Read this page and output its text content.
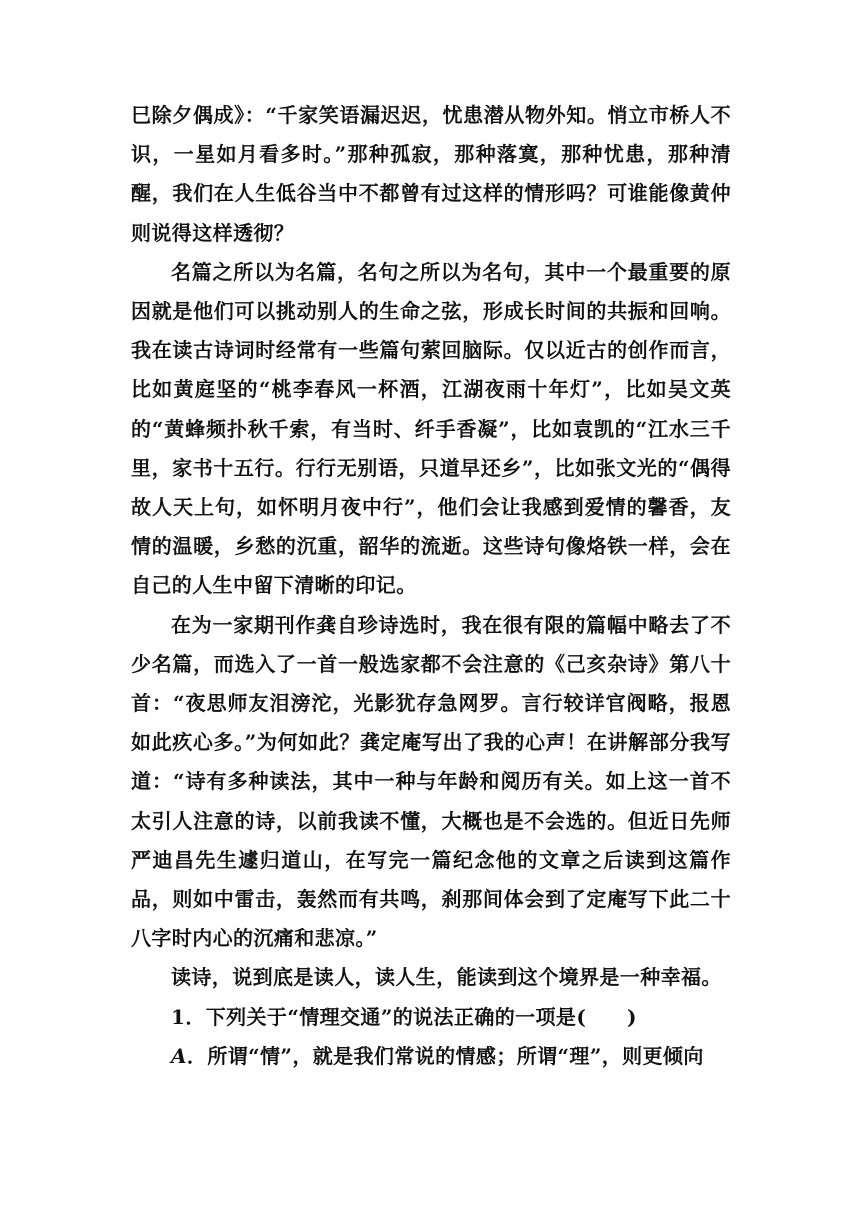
巳除夕偶成》：“千家笑语漏迟迟，忧患潜从物外知。悄立市桥人不识，一星如月看多时。”那种孤寂，那种落寞，那种忧患，那种清醒，我们在人生低谷当中不都曾有过这样的情形吗？可谁能像黄仲则说得这样透彻？

名篇之所以为名篇，名句之所以为名句，其中一个最重要的原因就是他们可以挑动别人的生命之弦，形成长时间的共振和回响。我在读古诗词时经常有一些篇句萦回脑际。仅以近古的创作而言，比如黄庭坚的“桃李春风一杯酒，江湖夜雨十年灯”，比如吴文英的“黄蜂频扑秋千索，有当时、纤手香凝”，比如袁凯的“江水三千里，家书十五行。行行无别语，只道早还乡”，比如张文光的“偶得故人天上句，如怀明月夜中行”，他们会让我感到爱情的馨香，友情的温暖，乡愁的沉重，韶华的流逝。这些诗句像烙铁一样，会在自己的人生中留下清晰的印记。

在为一家期刊作龚自珍诗选时，我在很有限的篇幅中略去了不少名篇，而选入了一首一般选家都不会注意的《己亥杂诗》第八十首：“夜思师友泪滂沱，光影犹存急网罗。言行较详官阀略，报恩如此疚心多。”为何如此？龚定庵写出了我的心声！在讲解部分我写道：“诗有多种读法，其中一种与年龄和阅历有关。如上这一首不太引人注意的诗，以前我读不懂，大概也是不会选的。但近日先师严迪昌先生遽归道山，在写完一篇纪念他的文章之后读到这篇作品，则如中雷击，轰然而有共鸣，刹那间体会到了定庵写下此二十八字时内心的沉痛和悲凉。”

读诗，说到底是读人，读人生，能读到这个境界是一种幸福。

1．下列关于“情理交通”的说法正确的一项是(　　)

A．所谓“情”，就是我们常说的情感；所谓“理”，则更倾向
